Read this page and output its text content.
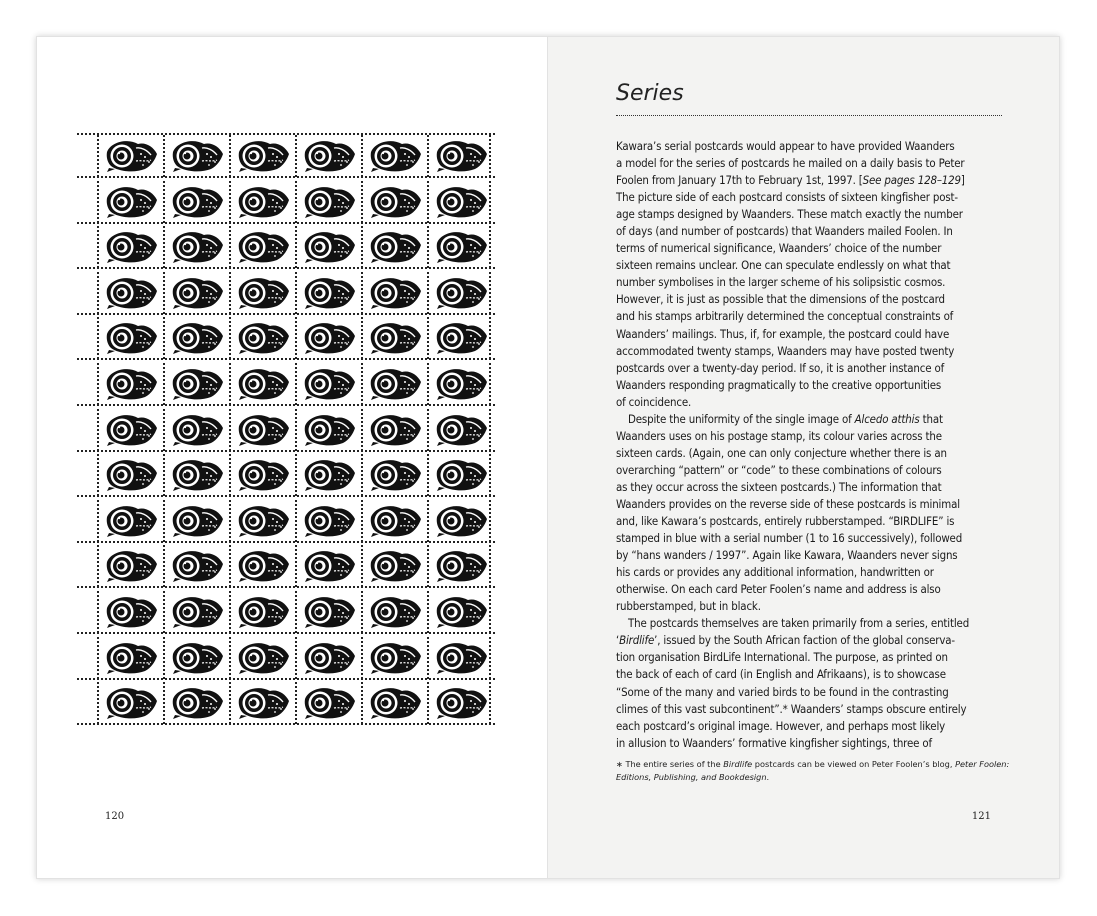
120
Series
Kawara’s serial postcards would appear to have provided Waanders
a model for the series of postcards he mailed on a daily basis to Peter
Foolen from January 17th to February 1st, 1997. [See pages 128–129]
The picture side of each postcard consists of sixteen kingfisher post-
age stamps designed by Waanders. These match exactly the number
of days (and number of postcards) that Waanders mailed Foolen. In
terms of numerical significance, Waanders’ choice of the number
sixteen remains unclear. One can speculate endlessly on what that
number symbolises in the larger scheme of his solipsistic cosmos.
However, it is just as possible that the dimensions of the postcard
and his stamps arbitrarily determined the conceptual constraints of
Waanders’ mailings. Thus, if, for example, the postcard could have
accommodated twenty stamps, Waanders may have posted twenty
postcards over a twenty-day period. If so, it is another instance of
Waanders responding pragmatically to the creative opportunities
of coincidence.
Despite the uniformity of the single image of Alcedo atthis that
Waanders uses on his postage stamp, its colour varies across the
sixteen cards. (Again, one can only conjecture whether there is an
overarching “pattern” or “code” to these combinations of colours
as they occur across the sixteen postcards.) The information that
Waanders provides on the reverse side of these postcards is minimal
and, like Kawara’s postcards, entirely rubberstamped. “BIRDLIFE” is
stamped in blue with a serial number (1 to 16 successively), followed
by “hans wanders / 1997”. Again like Kawara, Waanders never signs
his cards or provides any additional information, handwritten or
otherwise. On each card Peter Foolen’s name and address is also
rubberstamped, but in black.
The postcards themselves are taken primarily from a series, entitled
‘Birdlife’, issued by the South African faction of the global conserva-
tion organisation BirdLife International. The purpose, as printed on
the back of each of card (in English and Afrikaans), is to showcase
“Some of the many and varied birds to be found in the contrasting
climes of this vast subcontinent”.* Waanders’ stamps obscure entirely
each postcard’s original image. However, and perhaps most likely
in allusion to Waanders’ formative kingfisher sightings, three of
∗ The entire series of the Birdlife postcards can be viewed on Peter Foolen’s blog, Peter Foolen:
Editions, Publishing, and Bookdesign.
121
